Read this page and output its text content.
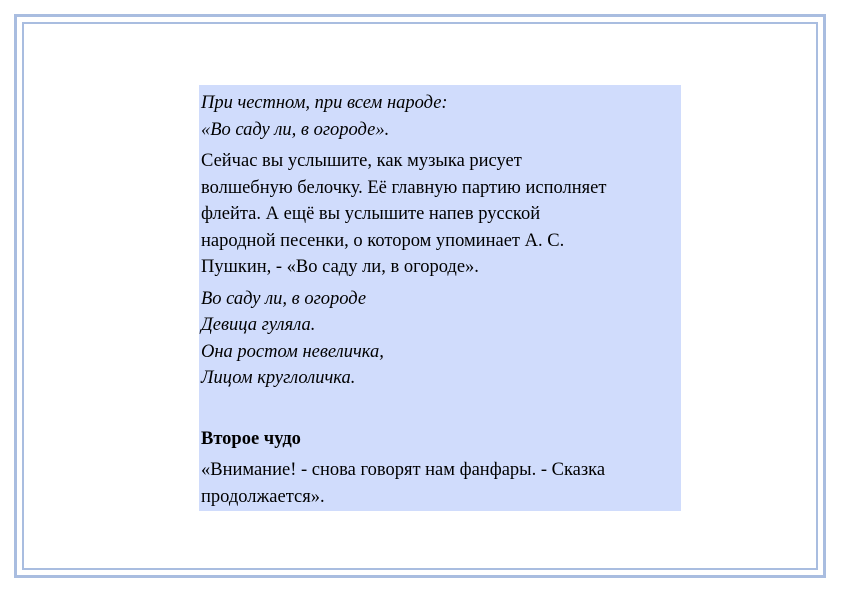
При честном, при всем народе:
«Во саду ли, в огороде».

Сейчас вы услышите, как музыка рисует
волшебную белочку. Её главную партию исполняет
флейта. А ещё вы услышите напев русской
народной песенки, о котором упоминает А. С.
Пушкин, - «Во саду ли, в огороде».

Во саду ли, в огороде
Девица гуляла.
Она ростом невеличка,
Лицом круглоличка.

Второе чудо

«Внимание! - снова говорят нам фанфары. - Сказка
продолжается».
